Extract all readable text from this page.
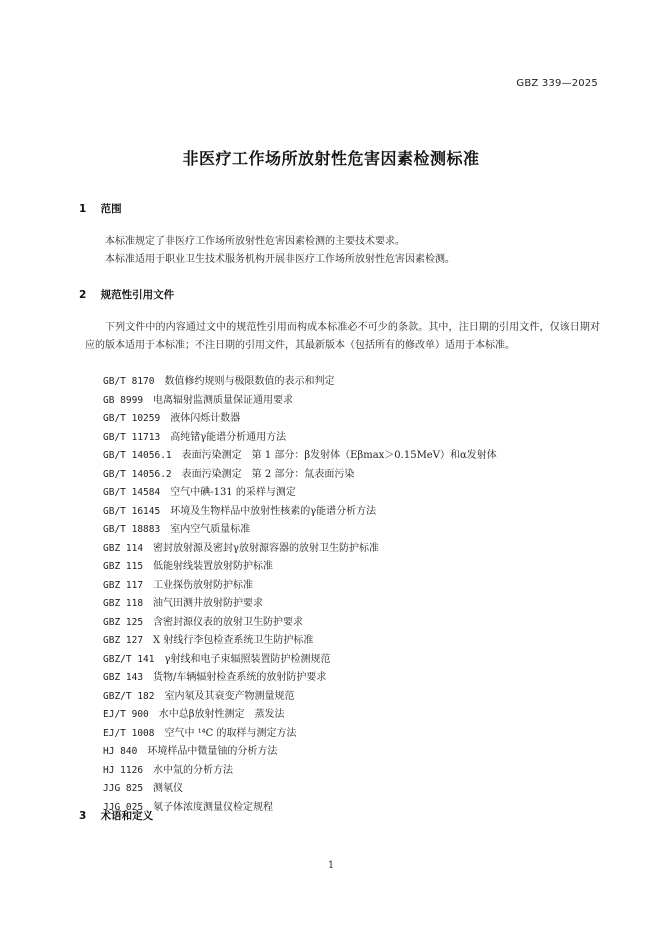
GBZ 339—2025
非医疗工作场所放射性危害因素检测标准
1 范围
本标准规定了非医疗工作场所放射性危害因素检测的主要技术要求。
本标准适用于职业卫生技术服务机构开展非医疗工作场所放射性危害因素检测。
2 规范性引用文件
下列文件中的内容通过文中的规范性引用而构成本标准必不可少的条款。其中，注日期的引用文件，仅该日期对应的版本适用于本标准；不注日期的引用文件，其最新版本（包括所有的修改单）适用于本标准。
GB/T 8170 数值修约规则与极限数值的表示和判定
GB 8999 电离辐射监测质量保证通用要求
GB/T 10259 液体闪烁计数器
GB/T 11713 高纯锗γ能谱分析通用方法
GB/T 14056.1 表面污染测定　第 1 部分：β发射体（Eβmax＞0.15MeV）和α发射体
GB/T 14056.2 表面污染测定　第 2 部分：氚表面污染
GB/T 14584 空气中碘-131 的采样与测定
GB/T 16145 环境及生物样品中放射性核素的γ能谱分析方法
GB/T 18883 室内空气质量标准
GBZ 114 密封放射源及密封γ放射源容器的放射卫生防护标准
GBZ 115 低能射线装置放射防护标准
GBZ 117 工业探伤放射防护标准
GBZ 118 油气田测井放射防护要求
GBZ 125 含密封源仪表的放射卫生防护要求
GBZ 127 X 射线行李包检查系统卫生防护标准
GBZ/T 141 γ射线和电子束辐照装置防护检测规范
GBZ 143 货物/车辆辐射检查系统的放射防护要求
GBZ/T 182 室内氡及其衰变产物测量规范
EJ/T 900 水中总β放射性测定　蒸发法
EJ/T 1008 空气中 ¹⁴C 的取样与测定方法
HJ 840 环境样品中微量铀的分析方法
HJ 1126 水中氚的分析方法
JJG 825 测氡仪
JJG 025 氡子体浓度测量仪检定规程
3 术语和定义
1
